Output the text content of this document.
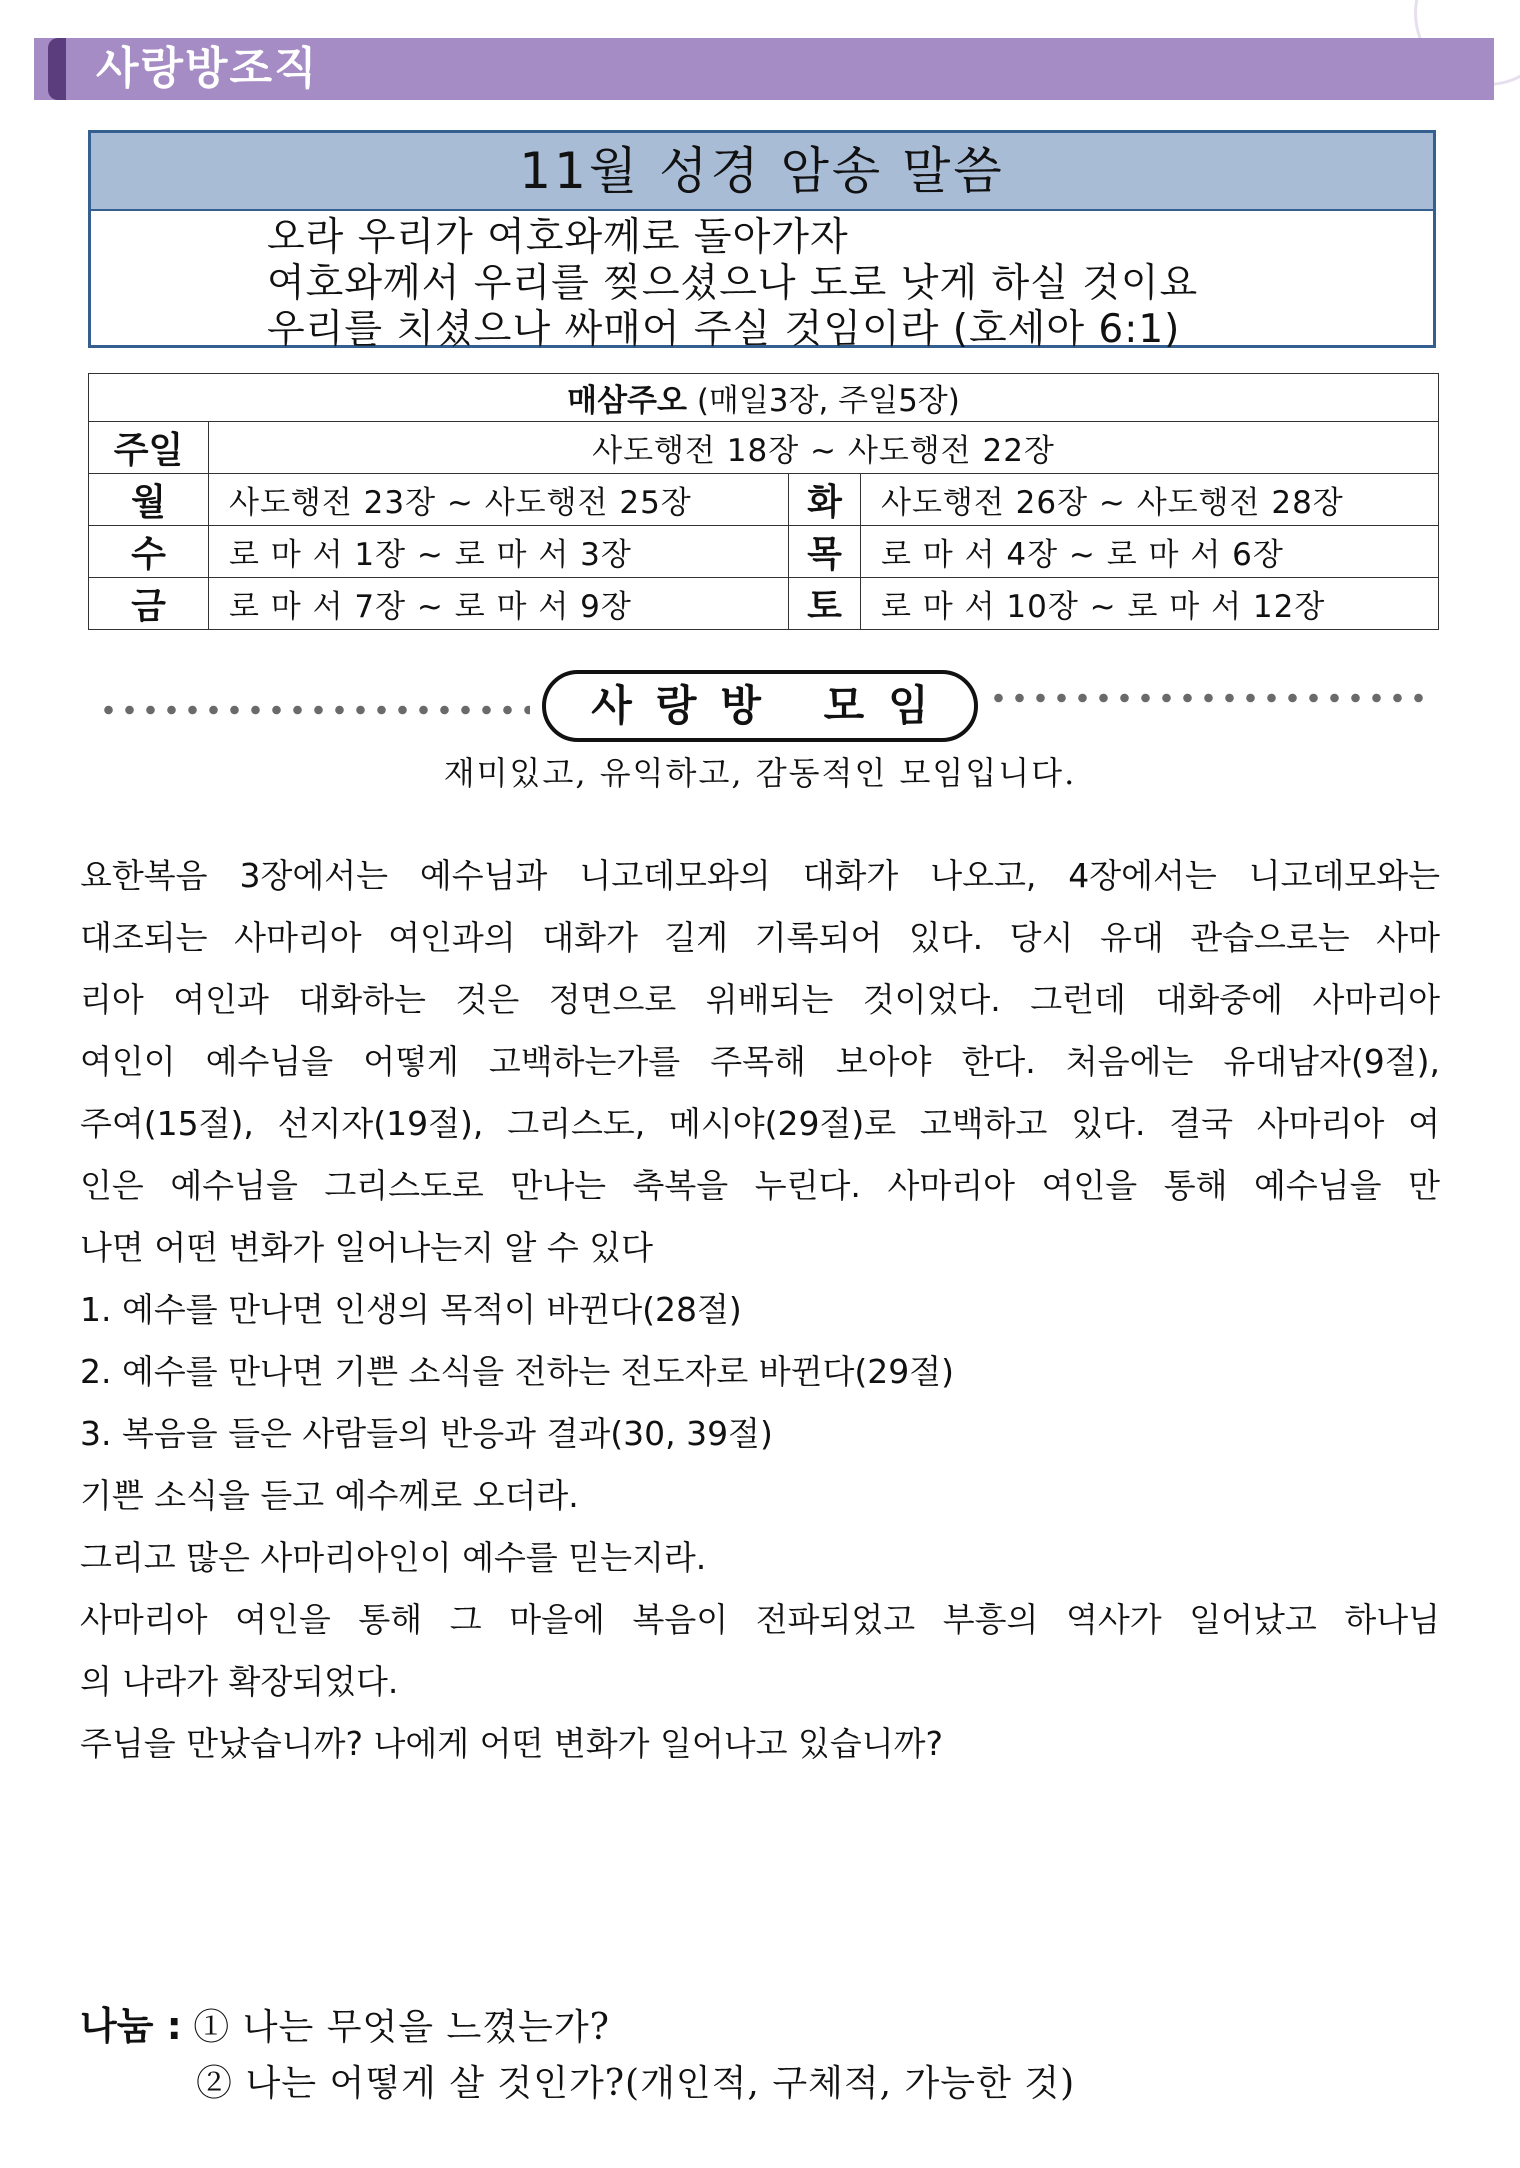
사랑방조직
11월 성경 암송 말씀
오라 우리가 여호와께로 돌아가자
여호와께서 우리를 찢으셨으나 도로 낫게 하실 것이요
우리를 치셨으나 싸매어 주실 것임이라 (호세아 6:1)
매삼주오 (매일3장, 주일5장)			
주일	사도행전 18장 ~ 사도행전 22장		
월	사도행전 23장 ~ 사도행전 25장	화	사도행전 26장 ~ 사도행전 28장
수	로 마 서 1장 ~ 로 마 서 3장	목	로 마 서 4장 ~ 로 마 서 6장
금	로 마 서 7장 ~ 로 마 서 9장	토	로 마 서 10장 ~ 로 마 서 12장
사랑방 모임
재미있고, 유익하고, 감동적인 모임입니다.
요한복음 3장에서는 예수님과 니고데모와의 대화가 나오고, 4장에서는 니고데모와는
대조되는 사마리아 여인과의 대화가 길게 기록되어 있다. 당시 유대 관습으로는 사마
리아 여인과 대화하는 것은 정면으로 위배되는 것이었다. 그런데 대화중에 사마리아
여인이 예수님을 어떻게 고백하는가를 주목해 보아야 한다. 처음에는 유대남자(9절),
주여(15절), 선지자(19절), 그리스도, 메시야(29절)로 고백하고 있다. 결국 사마리아 여
인은 예수님을 그리스도로 만나는 축복을 누린다. 사마리아 여인을 통해 예수님을 만
나면 어떤 변화가 일어나는지 알 수 있다
1. 예수를 만나면 인생의 목적이 바뀐다(28절)
2. 예수를 만나면 기쁜 소식을 전하는 전도자로 바뀐다(29절)
3. 복음을 들은 사람들의 반응과 결과(30, 39절)
기쁜 소식을 듣고 예수께로 오더라.
그리고 많은 사마리아인이 예수를 믿는지라.
사마리아 여인을 통해 그 마을에 복음이 전파되었고 부흥의 역사가 일어났고 하나님
의 나라가 확장되었다.
주님을 만났습니까? 나에게 어떤 변화가 일어나고 있습니까?
나눔 : ① 나는 무엇을 느꼈는가?
② 나는 어떻게 살 것인가?(개인적, 구체적, 가능한 것)
